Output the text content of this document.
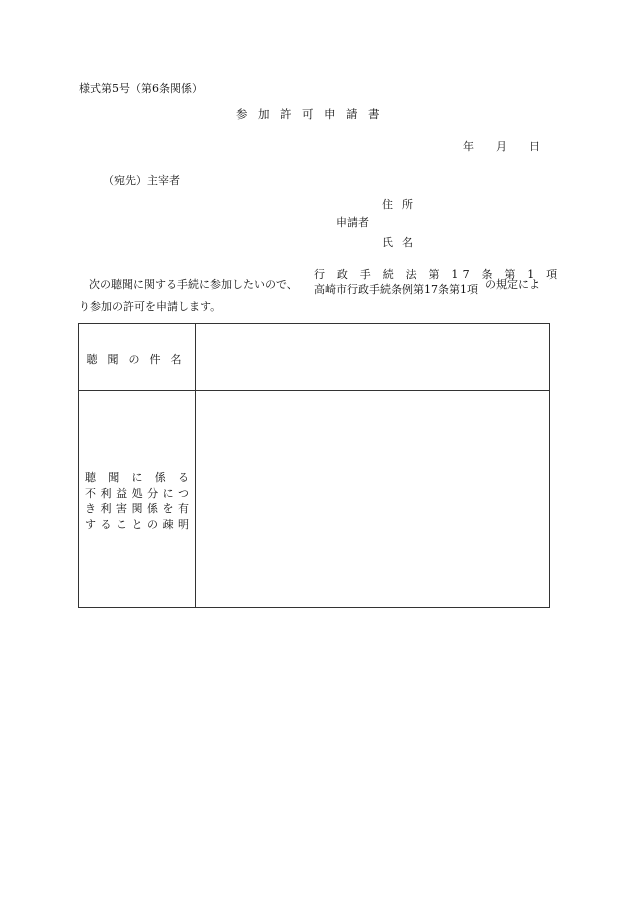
様式第5号（第6条関係）
参加許可申請書
年 月 日
（宛先）主宰者
住所
申請者
氏名
次の聴聞に関する手続に参加したいので、
行 政 手 続 法 第 17 条 第 1 項
高崎市行政手続条例第17条第1項 の規定によ
り参加の許可を申請します。
聴聞の件名
聴 聞 に 係 る
不利益処分につ
き利害関係を有
することの疎明
